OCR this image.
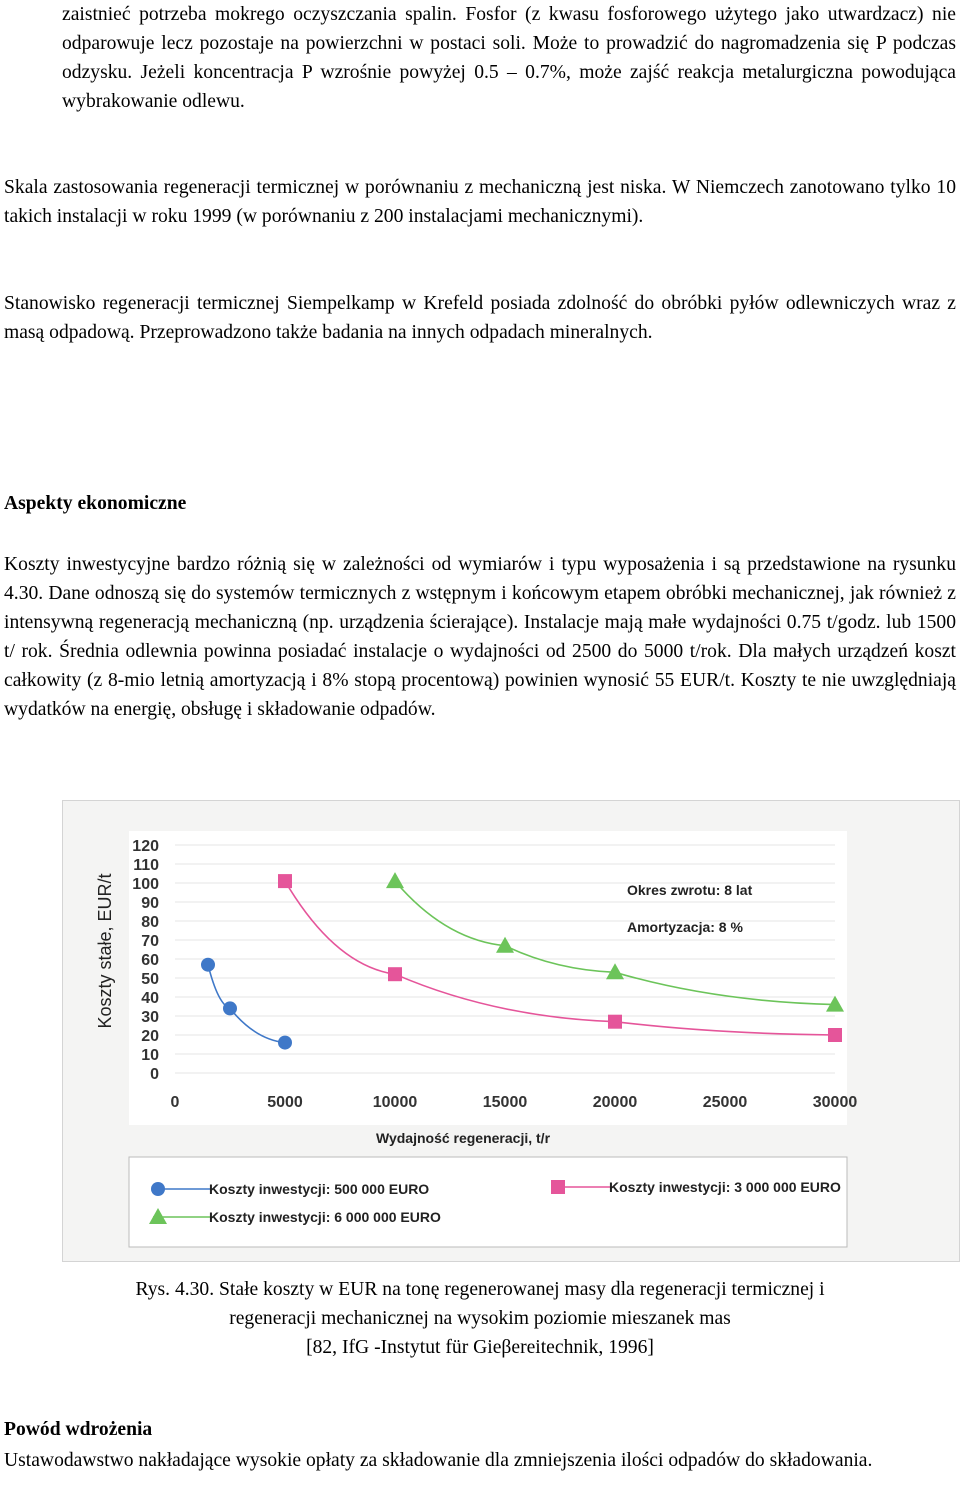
zaistnieć potrzeba mokrego oczyszczania spalin. Fosfor (z kwasu fosforowego użytego jako utwardzacz) nie odparowuje lecz pozostaje na powierzchni w postaci soli. Może to prowadzić do nagromadzenia się P podczas odzysku. Jeżeli koncentracja P wzrośnie powyżej 0.5 – 0.7%, może zajść reakcja metalurgiczna powodująca wybrakowanie odlewu.

Skala zastosowania regeneracji termicznej w porównaniu z mechaniczną jest niska. W Niemczech zanotowano tylko 10 takich instalacji w roku 1999 (w porównaniu z 200 instalacjami mechanicznymi).

Stanowisko regeneracji termicznej Siempelkamp w Krefeld posiada zdolność do obróbki pyłów odlewniczych wraz z masą odpadową. Przeprowadzono także badania na innych odpadach mineralnych.

Aspekty ekonomiczne

Koszty inwestycyjne bardzo różnią się w zależności od wymiarów i typu wyposażenia i są przedstawione na rysunku 4.30. Dane odnoszą się do systemów termicznych z wstępnym i końcowym etapem obróbki mechanicznej, jak również z intensywną regeneracją mechaniczną (np. urządzenia ścierające). Instalacje mają małe wydajności 0.75 t/godz. lub 1500 t/ rok. Średnia odlewnia powinna posiadać instalacje o wydajności od 2500 do 5000 t/rok. Dla małych urządzeń koszt całkowity (z 8-mio letnią amortyzacją i 8% stopą procentową) powinien wynosić 55 EUR/t. Koszty te nie uwzględniają wydatków na energię, obsługę i składowanie odpadów.

0
10
20
30
40
50
60
70
80
90
100
110
120
0	5000	10000	15000	20000	25000	30000
Koszty stałe, EUR/t
Wydajność regeneracji, t/r
Okres zwrotu: 8 lat
Amortyzacja: 8 %
Koszty inwestycji: 500 000 EURO	Koszty inwestycji: 3 000 000 EURO
Koszty inwestycji: 6 000 000 EURO
Rys. 4.30. Stałe koszty w EUR na tonę regenerowanej masy dla regeneracji termicznej i
regeneracji mechanicznej na wysokim poziomie mieszanek mas
[82, IfG -Instytut für Gieβereitechnik, 1996]
Powód wdrożenia

Ustawodawstwo nakładające wysokie opłaty za składowanie dla zmniejszenia ilości odpadów do składowania.
